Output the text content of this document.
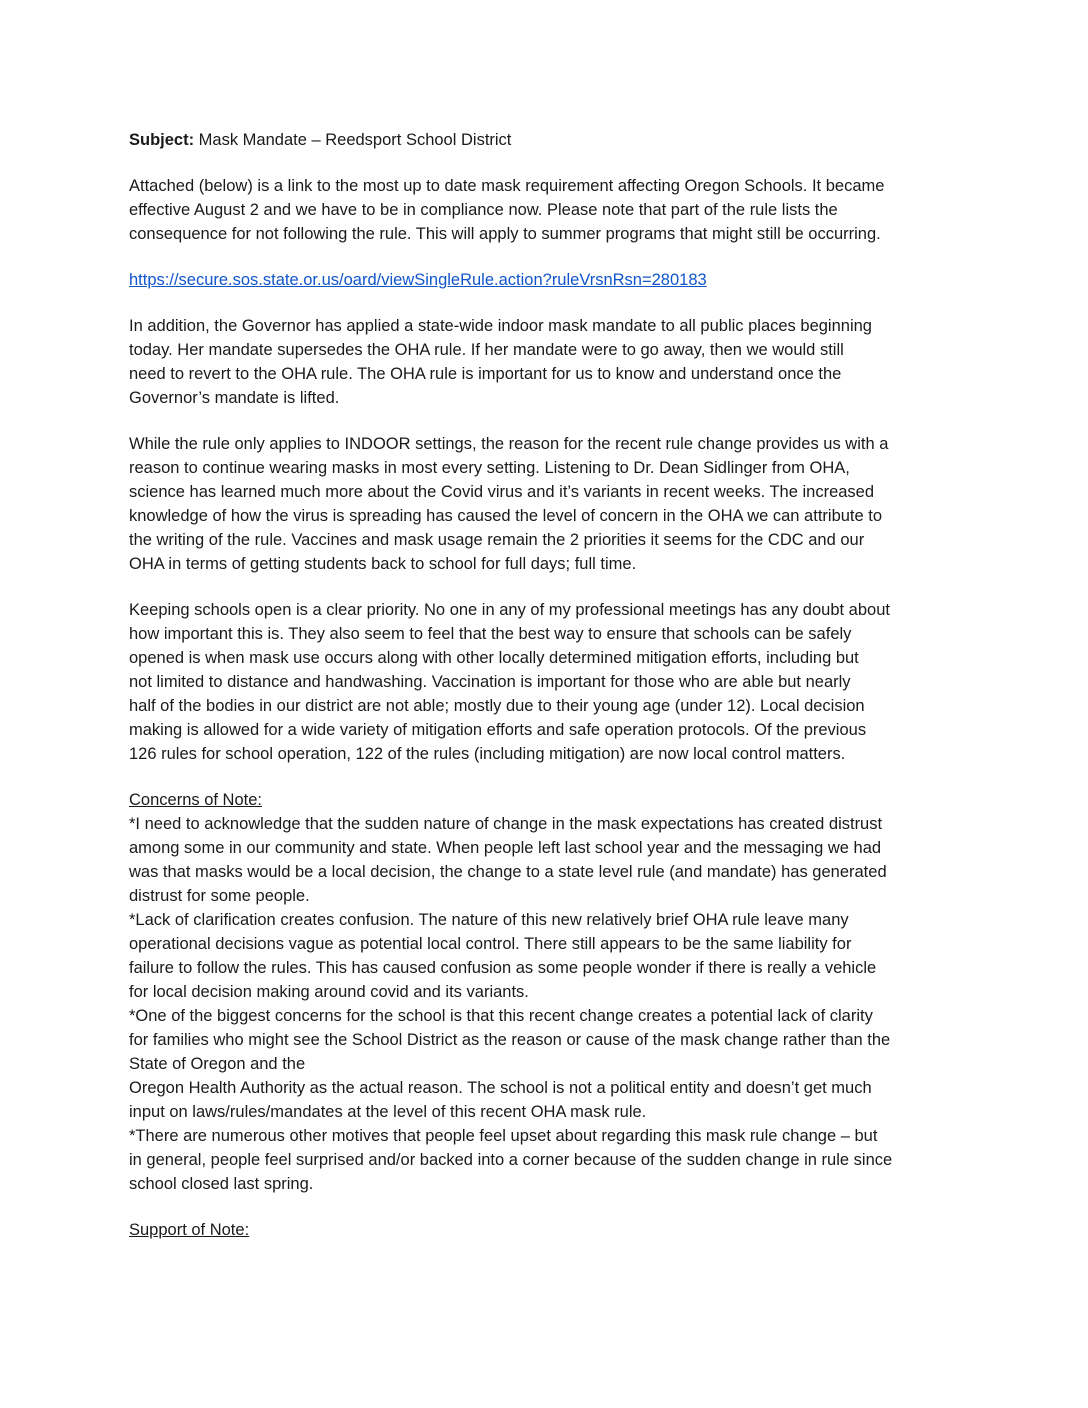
Subject: Mask Mandate – Reedsport School District

Attached (below) is a link to the most up to date mask requirement affecting Oregon Schools. It became
effective August 2 and we have to be in compliance now. Please note that part of the rule lists the
consequence for not following the rule. This will apply to summer programs that might still be occurring.

https://secure.sos.state.or.us/oard/viewSingleRule.action?ruleVrsnRsn=280183

In addition, the Governor has applied a state-wide indoor mask mandate to all public places beginning
today. Her mandate supersedes the OHA rule. If her mandate were to go away, then we would still
need to revert to the OHA rule. The OHA rule is important for us to know and understand once the
Governor’s mandate is lifted.

While the rule only applies to INDOOR settings, the reason for the recent rule change provides us with a
reason to continue wearing masks in most every setting. Listening to Dr. Dean Sidlinger from OHA,
science has learned much more about the Covid virus and it’s variants in recent weeks. The increased
knowledge of how the virus is spreading has caused the level of concern in the OHA we can attribute to
the writing of the rule. Vaccines and mask usage remain the 2 priorities it seems for the CDC and our
OHA in terms of getting students back to school for full days; full time.

Keeping schools open is a clear priority. No one in any of my professional meetings has any doubt about
how important this is. They also seem to feel that the best way to ensure that schools can be safely
opened is when mask use occurs along with other locally determined mitigation efforts, including but
not limited to distance and handwashing. Vaccination is important for those who are able but nearly
half of the bodies in our district are not able; mostly due to their young age (under 12). Local decision
making is allowed for a wide variety of mitigation efforts and safe operation protocols. Of the previous
126 rules for school operation, 122 of the rules (including mitigation) are now local control matters.

Concerns of Note:

*I need to acknowledge that the sudden nature of change in the mask expectations has created distrust
among some in our community and state. When people left last school year and the messaging we had
was that masks would be a local decision, the change to a state level rule (and mandate) has generated
distrust for some people.
*Lack of clarification creates confusion. The nature of this new relatively brief OHA rule leave many
operational decisions vague as potential local control. There still appears to be the same liability for
failure to follow the rules. This has caused confusion as some people wonder if there is really a vehicle
for local decision making around covid and its variants.
*One of the biggest concerns for the school is that this recent change creates a potential lack of clarity
for families who might see the School District as the reason or cause of the mask change rather than the
State of Oregon and the
Oregon Health Authority as the actual reason. The school is not a political entity and doesn’t get much
input on laws/rules/mandates at the level of this recent OHA mask rule.
*There are numerous other motives that people feel upset about regarding this mask rule change – but
in general, people feel surprised and/or backed into a corner because of the sudden change in rule since
school closed last spring.

Support of Note:
